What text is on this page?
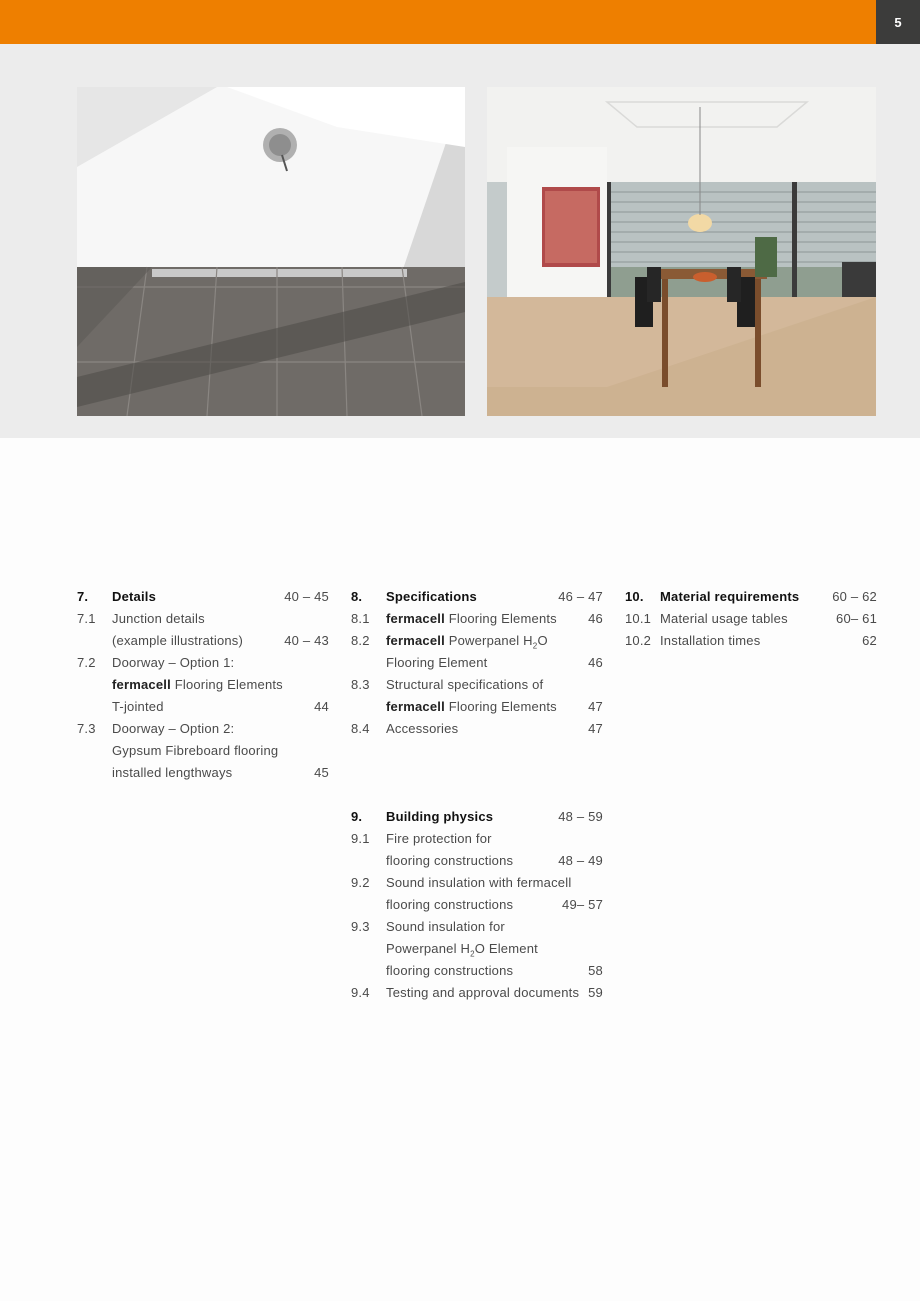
5
7.	Details	40 – 45
7.1	Junction details
(example illustrations)	40 – 43
7.2	Doorway – Option 1:
fermacell Flooring Elements
T-jointed	44
7.3	Doorway – Option 2:
Gypsum Fibreboard flooring
installed lengthways	45
8.	Specifications	46 – 47
8.1	fermacell Flooring Elements	46
8.2	fermacell Powerpanel $H_2O$
Flooring Element	46
8.3	Structural specifications of
fermacell Flooring Elements	47
8.4	Accessories	47
9.	Building physics	48 – 59
9.1	Fire protection for
flooring constructions	48 – 49
9.2	Sound insulation with fermacell
flooring constructions	49– 57
9.3	Sound insulation for
Powerpanel $H_2O$ Element
flooring constructions	58
9.4	Testing and approval documents 59
10.	Material requirements	60 – 62
10.1 Material usage tables	60– 61
10.2 Installation times	62
